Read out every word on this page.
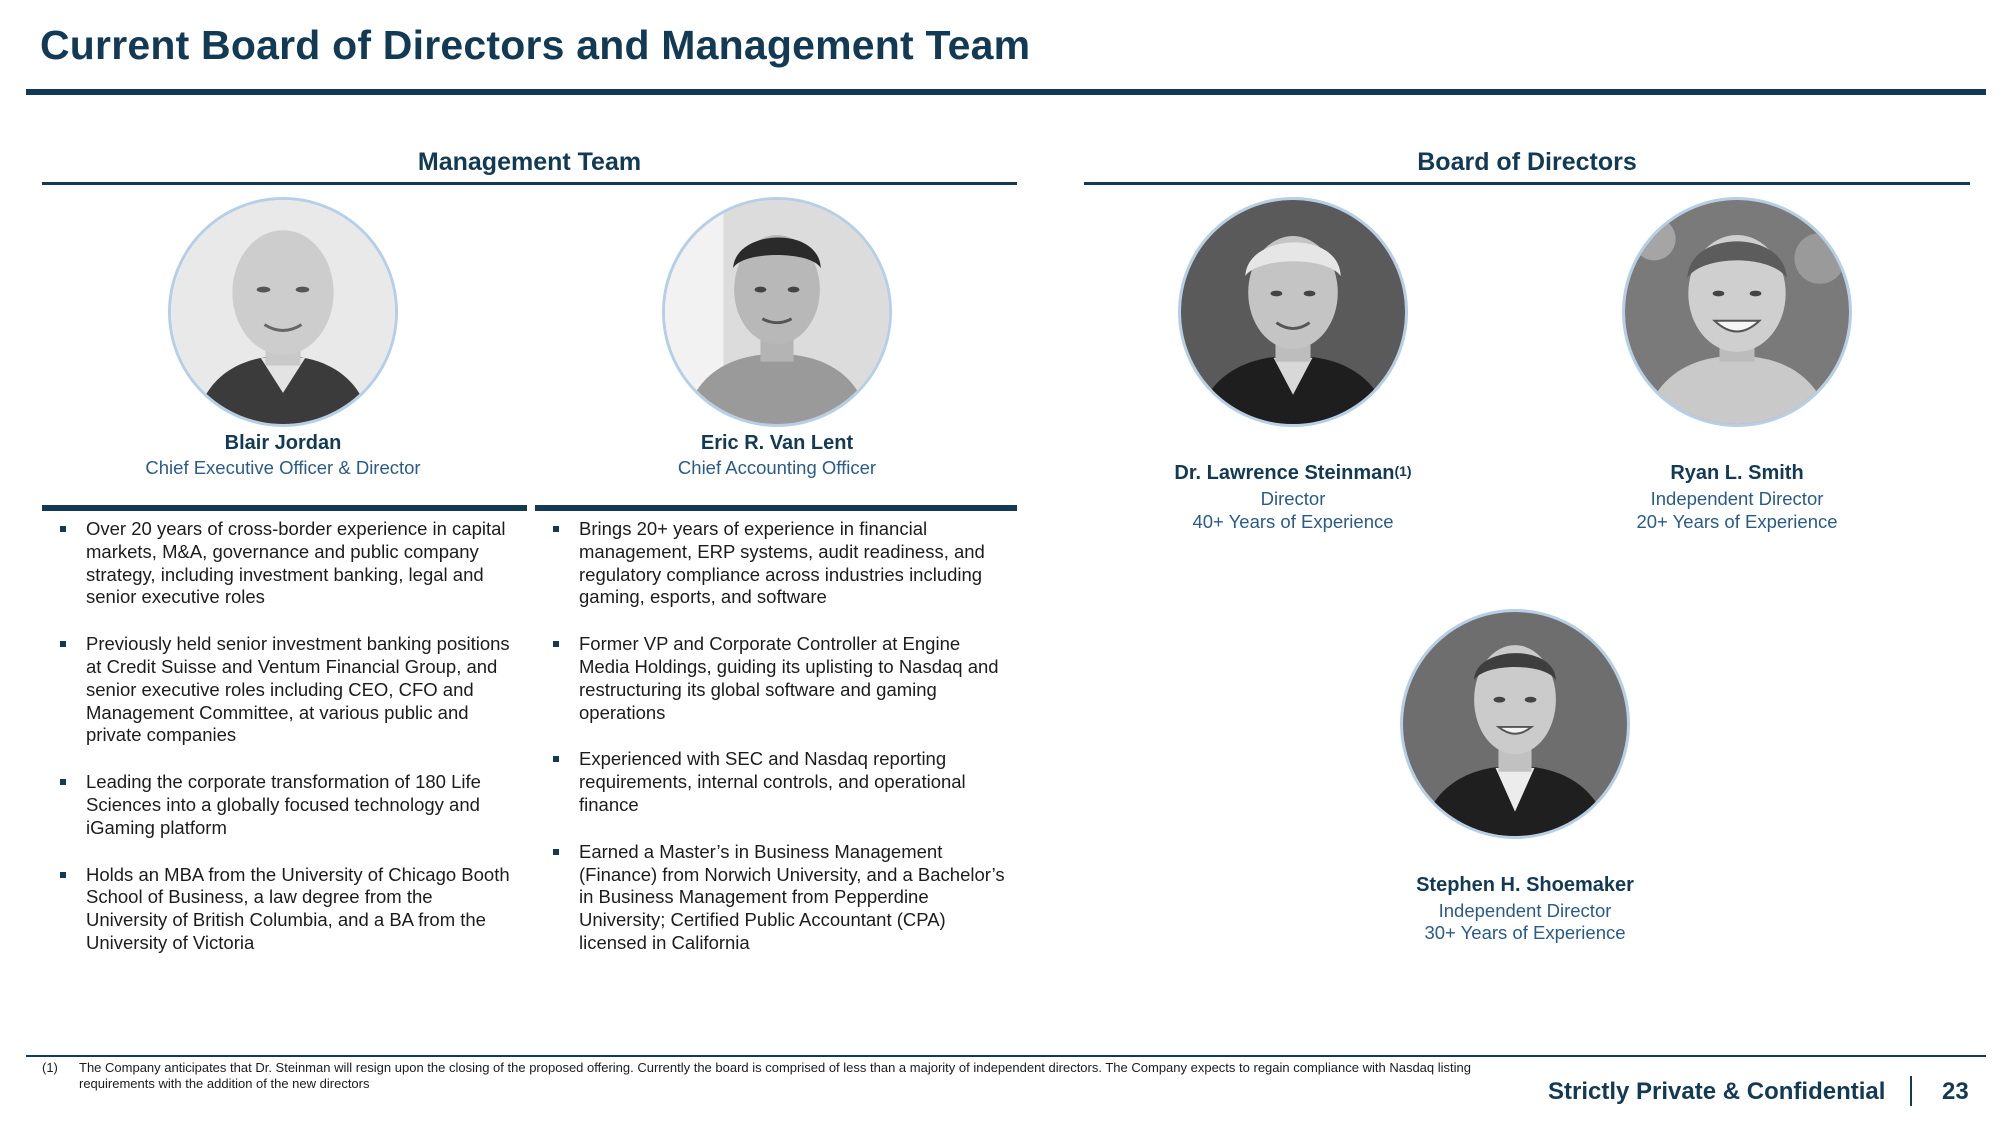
Current Board of Directors and Management Team
Management Team	Board of Directors
Blair Jordan
Chief Executive Officer & Director
Over 20 years of cross-border experience in capital markets, M&A, governance and public company strategy, including investment banking, legal and senior executive roles
Previously held senior investment banking positions at Credit Suisse and Ventum Financial Group, and senior executive roles including CEO, CFO and Management Committee, at various public and private companies
Leading the corporate transformation of 180 Life Sciences into a globally focused technology and iGaming platform
Holds an MBA from the University of Chicago Booth School of Business, a law degree from the University of British Columbia, and a BA from the University of Victoria
Eric R. Van Lent
Chief Accounting Officer
Brings 20+ years of experience in financial management, ERP systems, audit readiness, and regulatory compliance across industries including gaming, esports, and software
Former VP and Corporate Controller at Engine Media Holdings, guiding its uplisting to Nasdaq and restructuring its global software and gaming operations
Experienced with SEC and Nasdaq reporting requirements, internal controls, and operational finance
Earned a Master’s in Business Management (Finance) from Norwich University, and a Bachelor’s in Business Management from Pepperdine University; Certified Public Accountant (CPA) licensed in California
Dr. Lawrence Steinman$^{(1)}$
Director
40+ Years of Experience
Ryan L. Smith
Independent Director
20+ Years of Experience
Stephen H. Shoemaker
Independent Director
30+ Years of Experience
(1) The Company anticipates that Dr. Steinman will resign upon the closing of the proposed offering. Currently the board is comprised of less than a majority of independent directors. The Company expects to regain compliance with Nasdaq listing requirements with the addition of the new directors	Strictly Private & Confidential 23
